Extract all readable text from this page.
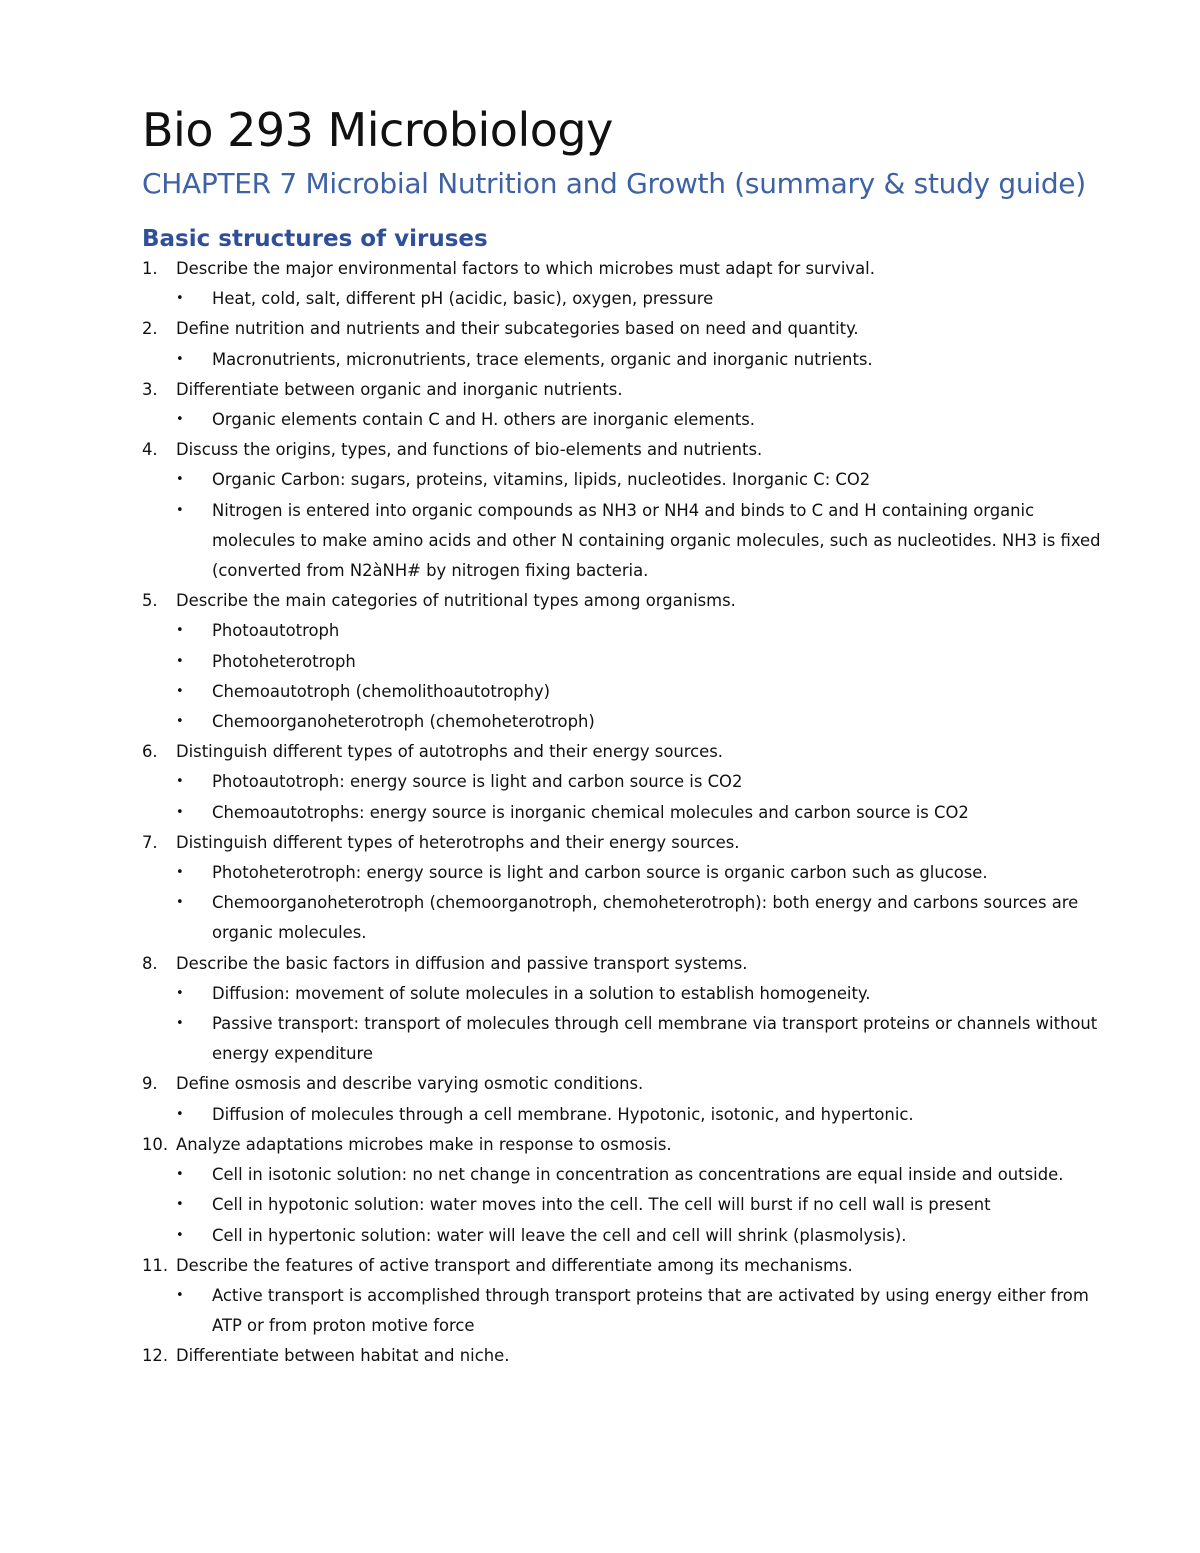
Bio 293 Microbiology
CHAPTER 7 Microbial Nutrition and Growth (summary & study guide)
Basic structures of viruses
1.	Describe the major environmental factors to which microbes must adapt for survival.
• Heat, cold, salt, different pH (acidic, basic), oxygen, pressure
2.	Define nutrition and nutrients and their subcategories based on need and quantity.
• Macronutrients, micronutrients, trace elements, organic and inorganic nutrients.
3.	Differentiate between organic and inorganic nutrients.
• Organic elements contain C and H. others are inorganic elements.
4.	Discuss the origins, types, and functions of bio-elements and nutrients.
• Organic Carbon: sugars, proteins, vitamins, lipids, nucleotides. Inorganic C: CO2
• Nitrogen is entered into organic compounds as NH3 or NH4 and binds to C and H containing organic molecules to make amino acids and other N containing organic molecules, such as nucleotides. NH3 is fixed (converted from N2àNH# by nitrogen fixing bacteria.
5.	Describe the main categories of nutritional types among organisms.
• Photoautotroph
• Photoheterotroph
• Chemoautotroph (chemolithoautotrophy)
• Chemoorganoheterotroph (chemoheterotroph)
6.	Distinguish different types of autotrophs and their energy sources.
• Photoautotroph: energy source is light and carbon source is CO2
• Chemoautotrophs: energy source is inorganic chemical molecules and carbon source is CO2
7.	Distinguish different types of heterotrophs and their energy sources.
• Photoheterotroph: energy source is light and carbon source is organic carbon such as glucose.
• Chemoorganoheterotroph (chemoorganotroph, chemoheterotroph): both energy and carbons sources are organic molecules.
8.	Describe the basic factors in diffusion and passive transport systems.
• Diffusion: movement of solute molecules in a solution to establish homogeneity.
• Passive transport: transport of molecules through cell membrane via transport proteins or channels without energy expenditure
9.	Define osmosis and describe varying osmotic conditions.
• Diffusion of molecules through a cell membrane. Hypotonic, isotonic, and hypertonic.
10. Analyze adaptations microbes make in response to osmosis.
• Cell in isotonic solution: no net change in concentration as concentrations are equal inside and outside.
• Cell in hypotonic solution: water moves into the cell. The cell will burst if no cell wall is present
• Cell in hypertonic solution: water will leave the cell and cell will shrink (plasmolysis).
11. Describe the features of active transport and differentiate among its mechanisms.
• Active transport is accomplished through transport proteins that are activated by using energy either from ATP or from proton motive force
12. Differentiate between habitat and niche.
